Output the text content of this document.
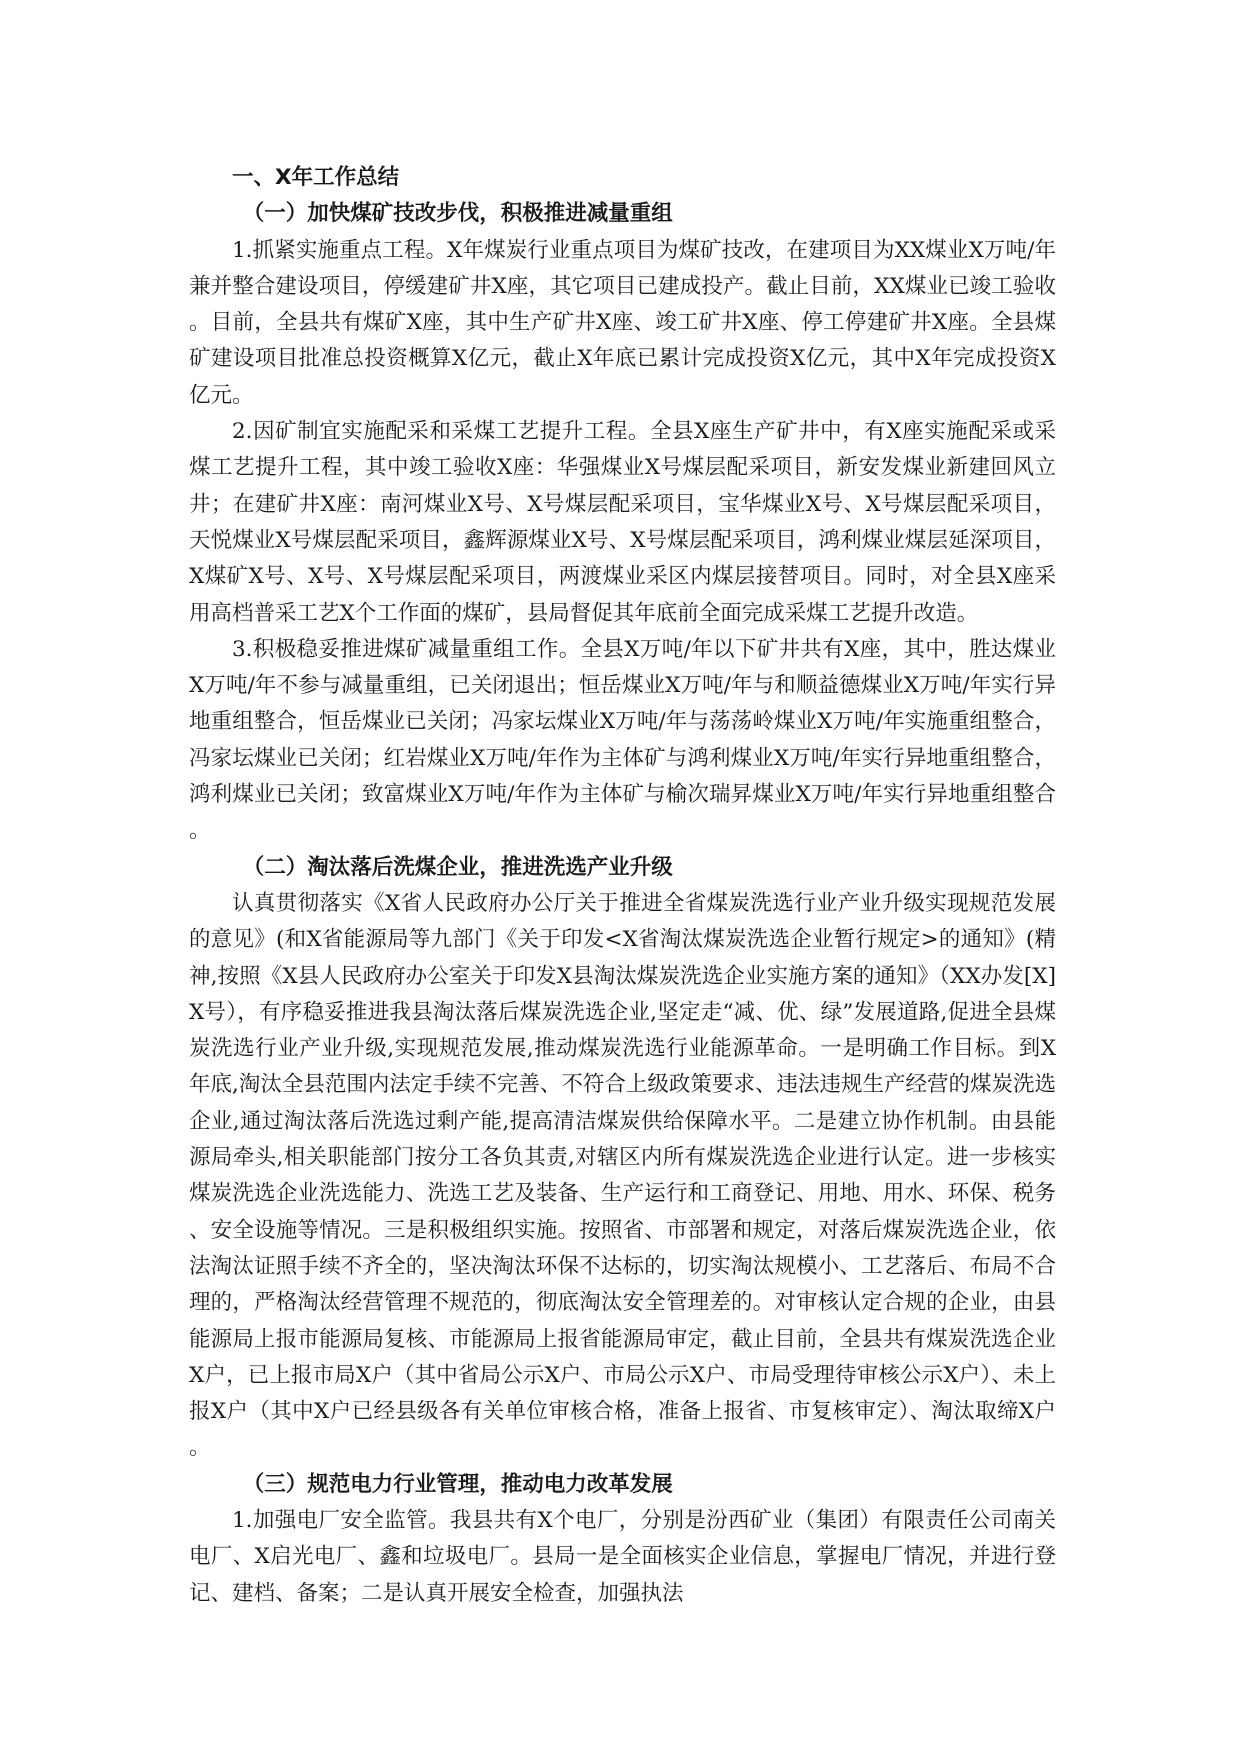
一、X年工作总结
（一）加快煤矿技改步伐，积极推进减量重组

1.抓紧实施重点工程。X年煤炭行业重点项目为煤矿技改，在建项目为XX煤业X万吨/年兼并整合建设项目，停缓建矿井X座，其它项目已建成投产。截止目前，XX煤业已竣工验收。目前，全县共有煤矿X座，其中生产矿井X座、竣工矿井X座、停工停建矿井X座。全县煤矿建设项目批准总投资概算X亿元，截止X年底已累计完成投资X亿元，其中X年完成投资X亿元。

2.因矿制宜实施配采和采煤工艺提升工程。全县X座生产矿井中，有X座实施配采或采煤工艺提升工程，其中竣工验收X座：华强煤业X号煤层配采项目，新安发煤业新建回风立井；在建矿井X座：南河煤业X号、X号煤层配采项目，宝华煤业X号、X号煤层配采项目，天悦煤业X号煤层配采项目，鑫辉源煤业X号、X号煤层配采项目，鸿利煤业煤层延深项目，X煤矿X号、X号、X号煤层配采项目，两渡煤业采区内煤层接替项目。同时，对全县X座采用高档普采工艺X个工作面的煤矿，县局督促其年底前全面完成采煤工艺提升改造。

3.积极稳妥推进煤矿减量重组工作。全县X万吨/年以下矿井共有X座，其中，胜达煤业X万吨/年不参与减量重组，已关闭退出；恒岳煤业X万吨/年与和顺益德煤业X万吨/年实行异地重组整合，恒岳煤业已关闭；冯家坛煤业X万吨/年与荡荡岭煤业X万吨/年实施重组整合，冯家坛煤业已关闭；红岩煤业X万吨/年作为主体矿与鸿利煤业X万吨/年实行异地重组整合，鸿利煤业已关闭；致富煤业X万吨/年作为主体矿与榆次瑞昇煤业X万吨/年实行异地重组整合。

（二）淘汰落后洗煤企业，推进洗选产业升级

认真贯彻落实《X省人民政府办公厅关于推进全省煤炭洗选行业产业升级实现规范发展的意见》(和X省能源局等九部门《关于印发<X省淘汰煤炭洗选企业暂行规定>的通知》(精神,按照《X县人民政府办公室关于印发X县淘汰煤炭洗选企业实施方案的通知》（XX办发[X]X号），有序稳妥推进我县淘汰落后煤炭洗选企业,坚定走“减、优、绿”发展道路,促进全县煤炭洗选行业产业升级,实现规范发展,推动煤炭洗选行业能源革命。一是明确工作目标。到X年底,淘汰全县范围内法定手续不完善、不符合上级政策要求、违法违规生产经营的煤炭洗选企业,通过淘汰落后洗选过剩产能,提高清洁煤炭供给保障水平。二是建立协作机制。由县能源局牵头,相关职能部门按分工各负其责,对辖区内所有煤炭洗选企业进行认定。进一步核实煤炭洗选企业洗选能力、洗选工艺及装备、生产运行和工商登记、用地、用水、环保、税务、安全设施等情况。三是积极组织实施。按照省、市部署和规定，对落后煤炭洗选企业，依法淘汰证照手续不齐全的，坚决淘汰环保不达标的，切实淘汰规模小、工艺落后、布局不合理的，严格淘汰经营管理不规范的，彻底淘汰安全管理差的。对审核认定合规的企业，由县能源局上报市能源局复核、市能源局上报省能源局审定，截止目前，全县共有煤炭洗选企业X户，已上报市局X户（其中省局公示X户、市局公示X户、市局受理待审核公示X户）、未上报X户（其中X户已经县级各有关单位审核合格，准备上报省、市复核审定）、淘汰取缔X户。

（三）规范电力行业管理，推动电力改革发展

1.加强电厂安全监管。我县共有X个电厂，分别是汾西矿业（集团）有限责任公司南关电厂、X启光电厂、鑫和垃圾电厂。县局一是全面核实企业信息，掌握电厂情况，并进行登记、建档、备案；二是认真开展安全检查，加强执法
